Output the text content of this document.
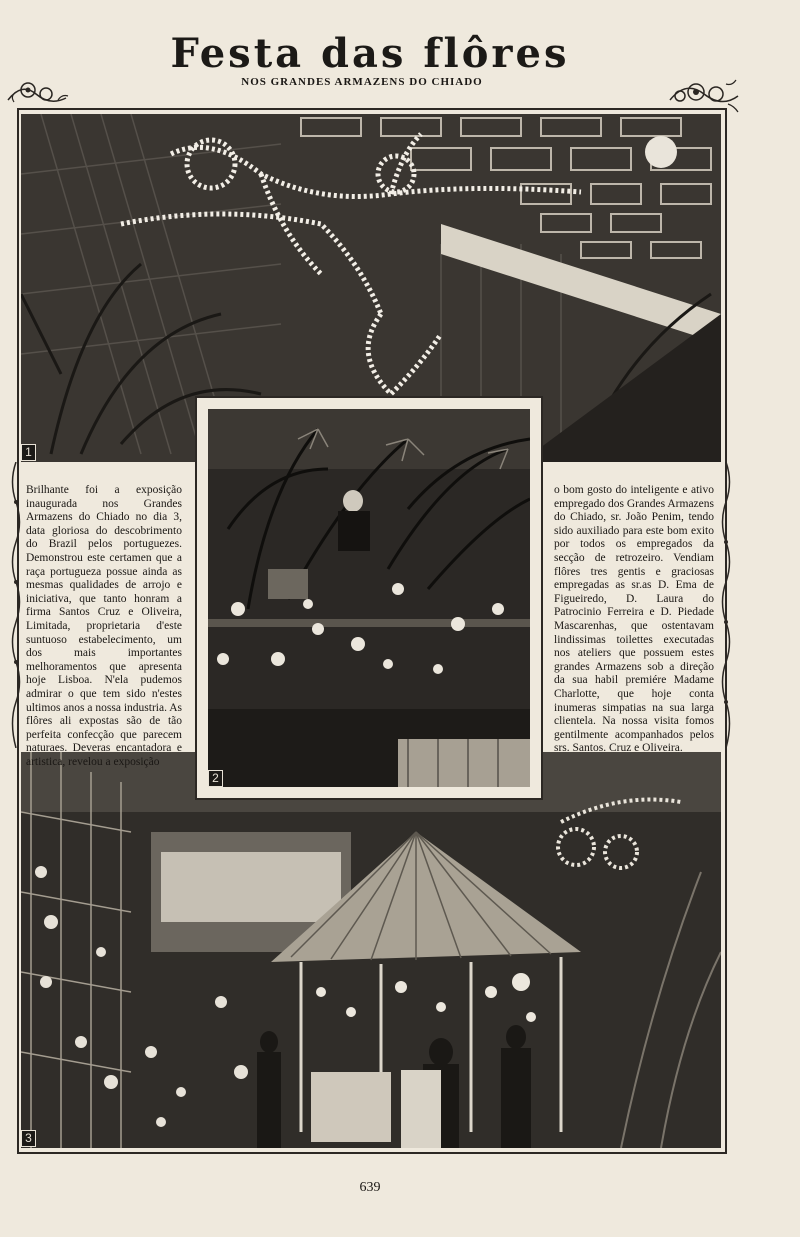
Festa das flôres
NOS GRANDES ARMAZENS DO CHIADO
1
3
Brilhante foi a exposição inaugurada nos Grandes Armazens do Chiado no dia 3, data gloriosa do descobrimento do Brazil pelos portuguezes. Demonstrou este certamen que a raça portugueza possue ainda as mesmas qualidades de arrojo e iniciativa, que tanto honram a firma Santos Cruz e Oliveira, Limitada, proprietaria d'este suntuoso estabelecimento, um dos mais importantes melhoramentos que apresenta hoje Lisboa. N'ela pudemos admirar o que tem sido n'estes ultimos anos a nossa industria. As flôres ali expostas são de tão perfeita confecção que parecem naturaes. Deveras encantadora e artistica, revelou a exposição
o bom gosto do inteligente e ativo empregado dos Grandes Armazens do Chiado, sr. João Penim, tendo sido auxiliado para este bom exito por todos os empregados da secção de retrozeiro. Vendiam flôres tres gentis e graciosas empregadas as sr.as D. Ema de Figueiredo, D. Laura do Patrocinio Ferreira e D. Piedade Mascarenhas, que ostentavam lindissimas toilettes executadas nos ateliers que possuem estes grandes Armazens sob a direção da sua habil premiére Madame Charlotte, que hoje conta inumeras simpatias na sua larga clientela. Na nossa visita fomos gentilmente acompanhados pelos srs. Santos. Cruz e Oliveira.
2
639
